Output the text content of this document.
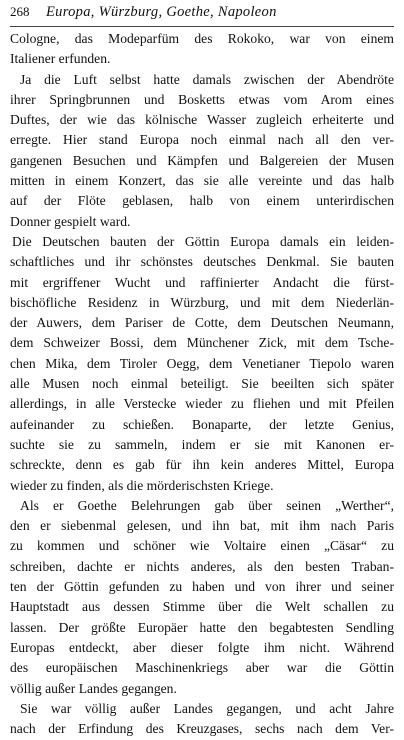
268	Europa, Würzburg, Goethe, Napoleon

Cologne, das Modeparfüm des Rokoko, war von einem
Italiener erfunden.

Ja die Luft selbst hatte damals zwischen der Abendröte
ihrer Springbrunnen und Bosketts etwas vom Arom eines
Duftes, der wie das kölnische Wasser zugleich erheiterte und
erregte. Hier stand Europa noch einmal nach all den ver-
gangenen Besuchen und Kämpfen und Balgereien der Musen
mitten in einem Konzert, das sie alle vereinte und das halb
auf der Flöte geblasen, halb von einem unterirdischen
Donner gespielt ward.

Die Deutschen bauten der Göttin Europa damals ein leiden-
schaftliches und ihr schönstes deutsches Denkmal. Sie bauten
mit ergriffener Wucht und raffinierter Andacht die fürst-
bischöfliche Residenz in Würzburg, und mit dem Niederlän-
der Auwers, dem Pariser de Cotte, dem Deutschen Neumann,
dem Schweizer Bossi, dem Münchener Zick, mit dem Tsche-
chen Mika, dem Tiroler Oegg, dem Venetianer Tiepolo waren
alle Musen noch einmal beteiligt. Sie beeilten sich später
allerdings, in alle Verstecke wieder zu fliehen und mit Pfeilen
aufeinander zu schießen. Bonaparte, der letzte Genius,
suchte sie zu sammeln, indem er sie mit Kanonen er-
schreckte, denn es gab für ihn kein anderes Mittel, Europa
wieder zu finden, als die mörderischsten Kriege.

Als er Goethe Belehrungen gab über seinen „Werther“,
den er siebenmal gelesen, und ihn bat, mit ihm nach Paris
zu kommen und schöner wie Voltaire einen „Cäsar“ zu
schreiben, dachte er nichts anderes, als den besten Traban-
ten der Göttin gefunden zu haben und von ihrer und seiner
Hauptstadt aus dessen Stimme über die Welt schallen zu
lassen. Der größte Europäer hatte den begabtesten Sendling
Europas entdeckt, aber dieser folgte ihm nicht. Während
des europäischen Maschinenkriegs aber war die Göttin
völlig außer Landes gegangen.

Sie war völlig außer Landes gegangen, und acht Jahre
nach der Erfindung des Kreuzgases, sechs nach dem Ver-
